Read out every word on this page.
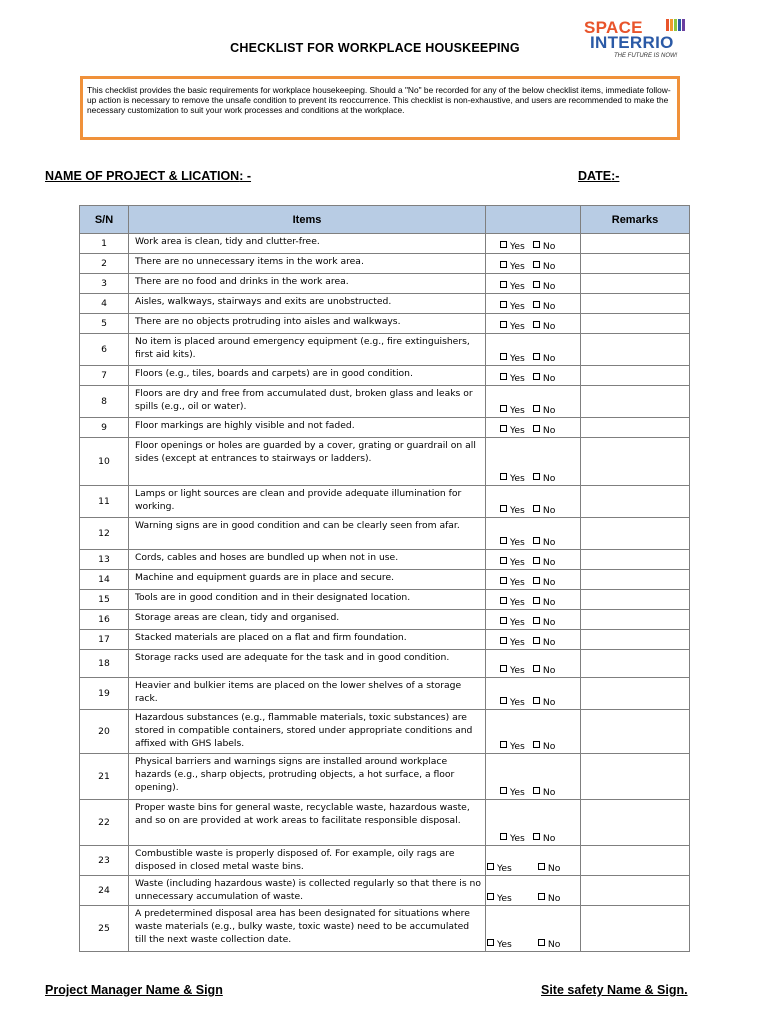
CHECKLIST FOR WORKPLACE HOUSKEEPING
SPACE
INTERRIO
THE FUTURE IS NOW!
This checklist provides the basic requirements for workplace housekeeping. Should a "No" be recorded for any of the below checklist items, immediate follow-up action is necessary to remove the unsafe condition to prevent its reoccurrence. This checklist is non-exhaustive, and users are recommended to make the necessary customization to suit your work processes and conditions at the workplace.
NAME OF PROJECT & LICATION: -	DATE:-
S/N	Items		Remarks
1	Work area is clean, tidy and clutter-free.	Yes No	
2	There are no unnecessary items in the work area.	Yes No	
3	There are no food and drinks in the work area.	Yes No	
4	Aisles, walkways, stairways and exits are unobstructed.	Yes No	
5	There are no objects protruding into aisles and walkways.	Yes No	
6	No item is placed around emergency equipment (e.g., fire extinguishers, first aid kits).	Yes No	
7	Floors (e.g., tiles, boards and carpets) are in good condition.	Yes No	
8	Floors are dry and free from accumulated dust, broken glass and leaks or spills (e.g., oil or water).	Yes No	
9	Floor markings are highly visible and not faded.	Yes No	
10	Floor openings or holes are guarded by a cover, grating or guardrail on all sides (except at entrances to stairways or ladders).	Yes No	
11	Lamps or light sources are clean and provide adequate illumination for working.	Yes No	
12	Warning signs are in good condition and can be clearly seen from afar.	Yes No	
13	Cords, cables and hoses are bundled up when not in use.	Yes No	
14	Machine and equipment guards are in place and secure.	Yes No	
15	Tools are in good condition and in their designated location.	Yes No	
16	Storage areas are clean, tidy and organised.	Yes No	
17	Stacked materials are placed on a flat and firm foundation.	Yes No	
18	Storage racks used are adequate for the task and in good condition.	Yes No	
19	Heavier and bulkier items are placed on the lower shelves of a storage rack.	Yes No	
20	Hazardous substances (e.g., flammable materials, toxic substances) are stored in compatible containers, stored under appropriate conditions and affixed with GHS labels.	Yes No	
21	Physical barriers and warnings signs are installed around workplace hazards (e.g., sharp objects, protruding objects, a hot surface, a floor opening).	Yes No	
22	Proper waste bins for general waste, recyclable waste, hazardous waste, and so on are provided at work areas to facilitate responsible disposal.	Yes No	
23	Combustible waste is properly disposed of. For example, oily rags are disposed in closed metal waste bins.	Yes No	
24	Waste (including hazardous waste) is collected regularly so that there is no unnecessary accumulation of waste.	Yes No	
25	A predetermined disposal area has been designated for situations where waste materials (e.g., bulky waste, toxic waste) need to be accumulated till the next waste collection date.	Yes No	
Project Manager Name & Sign	Site safety Name & Sign.
